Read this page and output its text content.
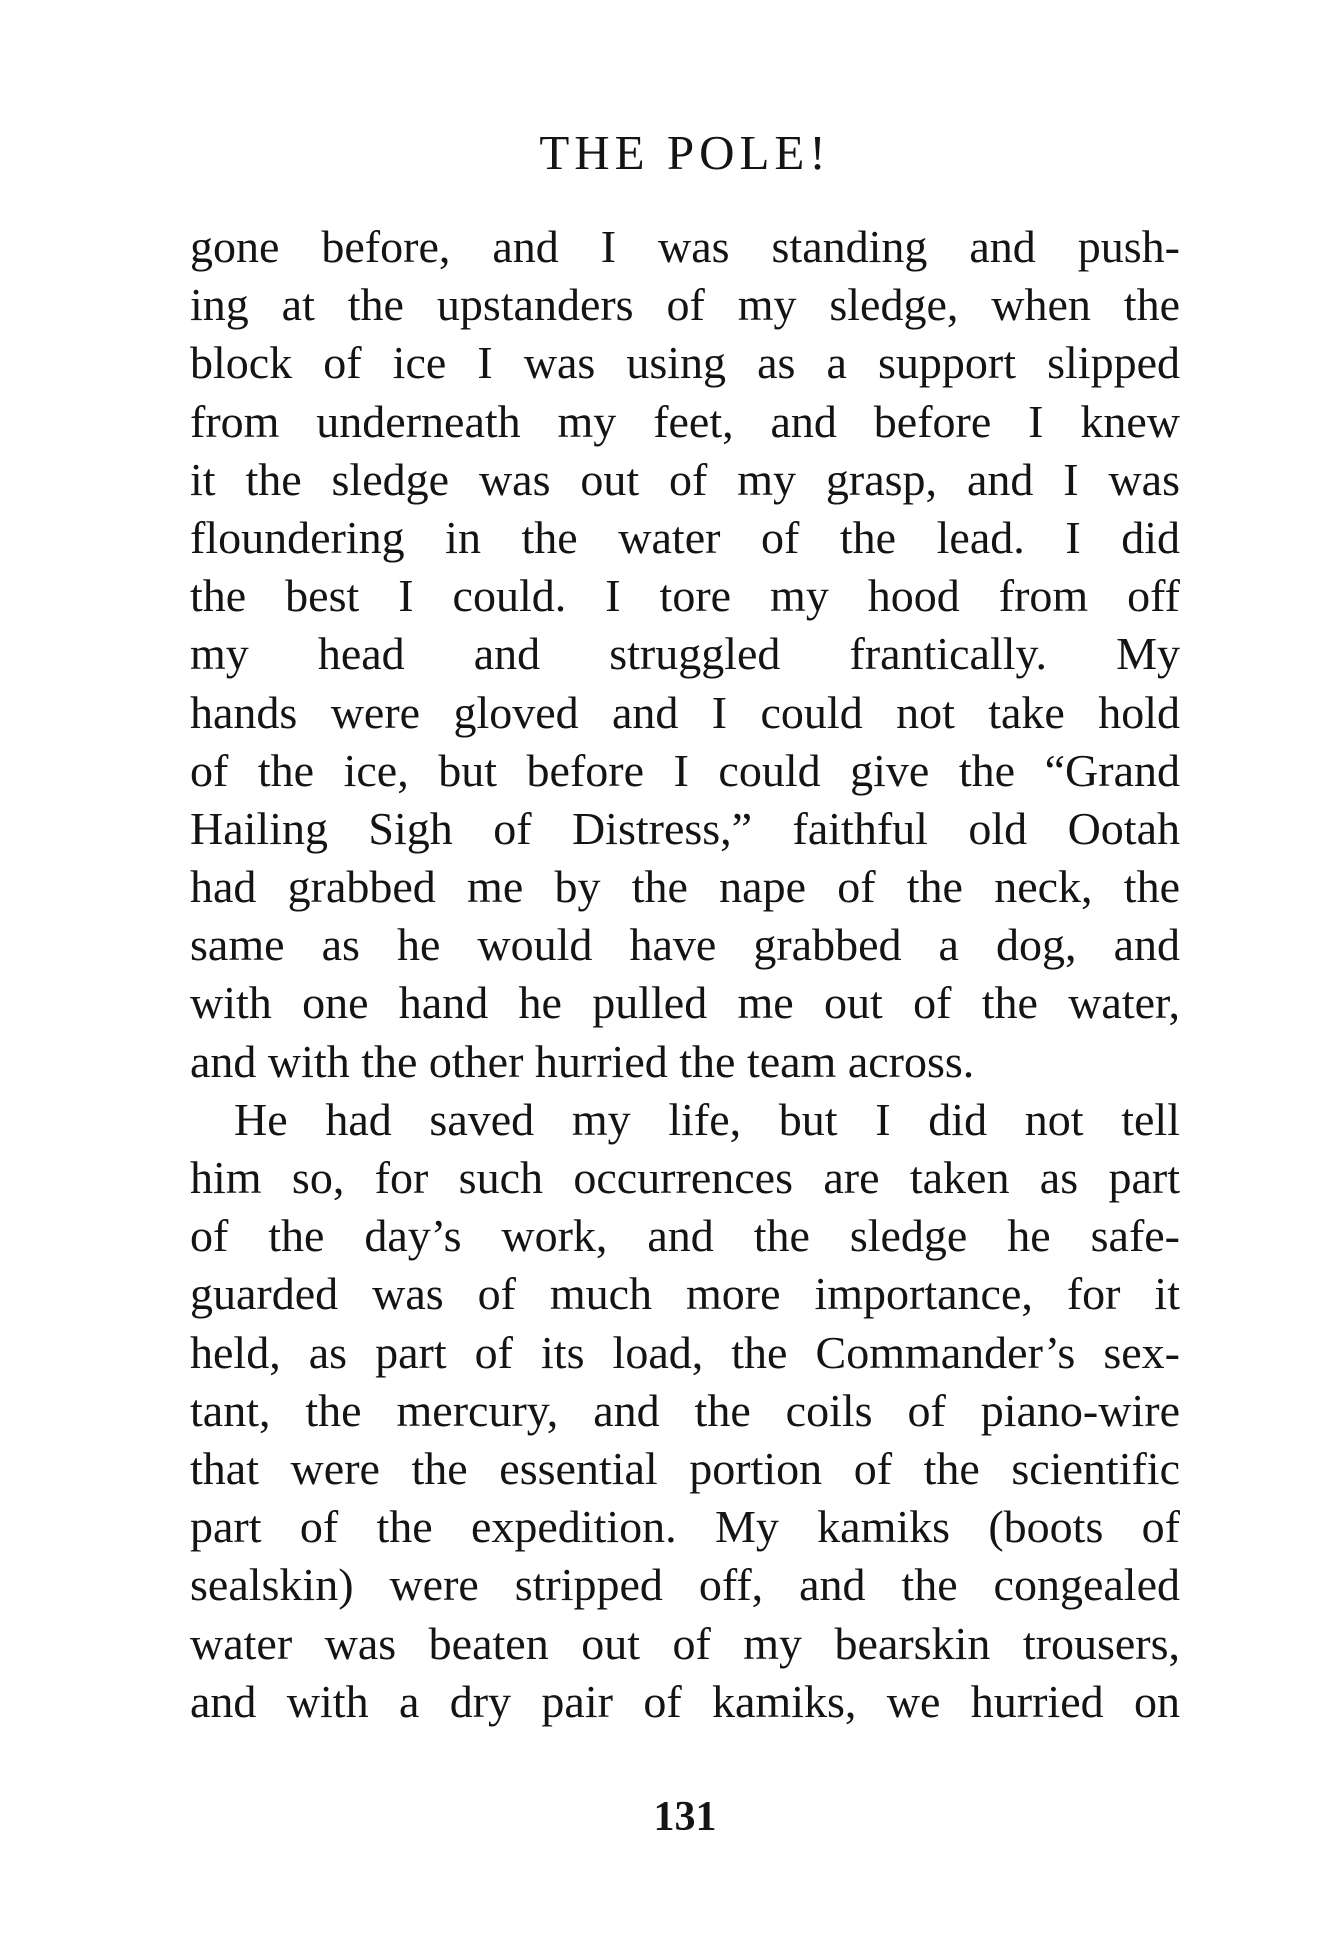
THE POLE!
gone before, and I was standing and push-
ing at the upstanders of my sledge, when the
block of ice I was using as a support slipped
from underneath my feet, and before I knew
it the sledge was out of my grasp, and I was
floundering in the water of the lead. I did
the best I could. I tore my hood from off
my head and struggled frantically. My
hands were gloved and I could not take hold
of the ice, but before I could give the “Grand
Hailing Sigh of Distress,” faithful old Ootah
had grabbed me by the nape of the neck, the
same as he would have grabbed a dog, and
with one hand he pulled me out of the water,
and with the other hurried the team across.
He had saved my life, but I did not tell
him so, for such occurrences are taken as part
of the day’s work, and the sledge he safe-
guarded was of much more importance, for it
held, as part of its load, the Commander’s sex-
tant, the mercury, and the coils of piano-wire
that were the essential portion of the scientific
part of the expedition. My kamiks (boots of
sealskin) were stripped off, and the congealed
water was beaten out of my bearskin trousers,
and with a dry pair of kamiks, we hurried on
131
